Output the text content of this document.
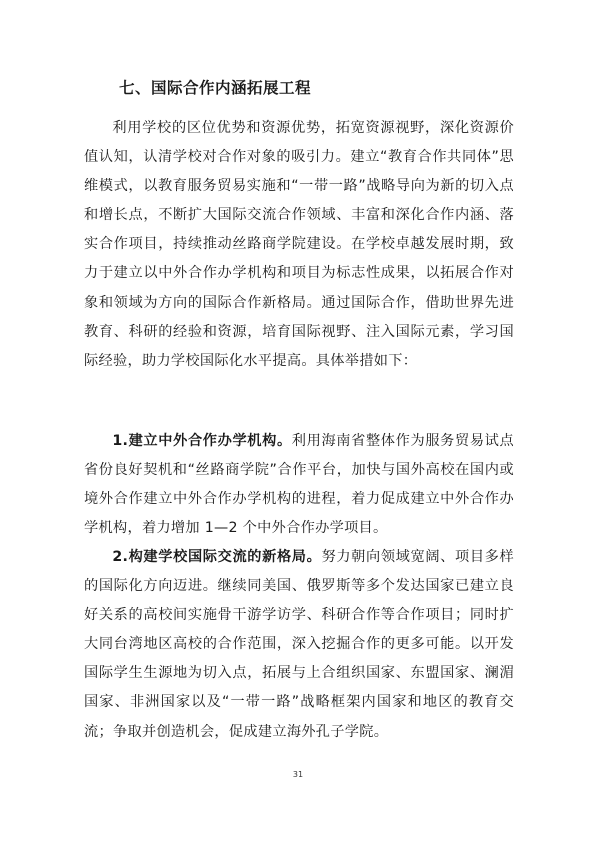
七、国际合作内涵拓展工程

利用学校的区位优势和资源优势，拓宽资源视野，深化资源价值认知，认清学校对合作对象的吸引力。建立“教育合作共同体”思维模式，以教育服务贸易实施和“一带一路”战略导向为新的切入点和增长点，不断扩大国际交流合作领域、丰富和深化合作内涵、落实合作项目，持续推动丝路商学院建设。在学校卓越发展时期，致力于建立以中外合作办学机构和项目为标志性成果，以拓展合作对象和领域为方向的国际合作新格局。通过国际合作，借助世界先进教育、科研的经验和资源，培育国际视野、注入国际元素，学习国际经验，助力学校国际化水平提高。具体举措如下：

1.建立中外合作办学机构。利用海南省整体作为服务贸易试点省份良好契机和“丝路商学院”合作平台，加快与国外高校在国内或境外合作建立中外合作办学机构的进程，着力促成建立中外合作办学机构，着力增加 1—2 个中外合作办学项目。

2.构建学校国际交流的新格局。努力朝向领域宽阔、项目多样的国际化方向迈进。继续同美国、俄罗斯等多个发达国家已建立良好关系的高校间实施骨干游学访学、科研合作等合作项目；同时扩大同台湾地区高校的合作范围，深入挖掘合作的更多可能。以开发国际学生生源地为切入点，拓展与上合组织国家、东盟国家、澜湄国家、非洲国家以及“一带一路”战略框架内国家和地区的教育交流；争取并创造机会，促成建立海外孔子学院。

31
